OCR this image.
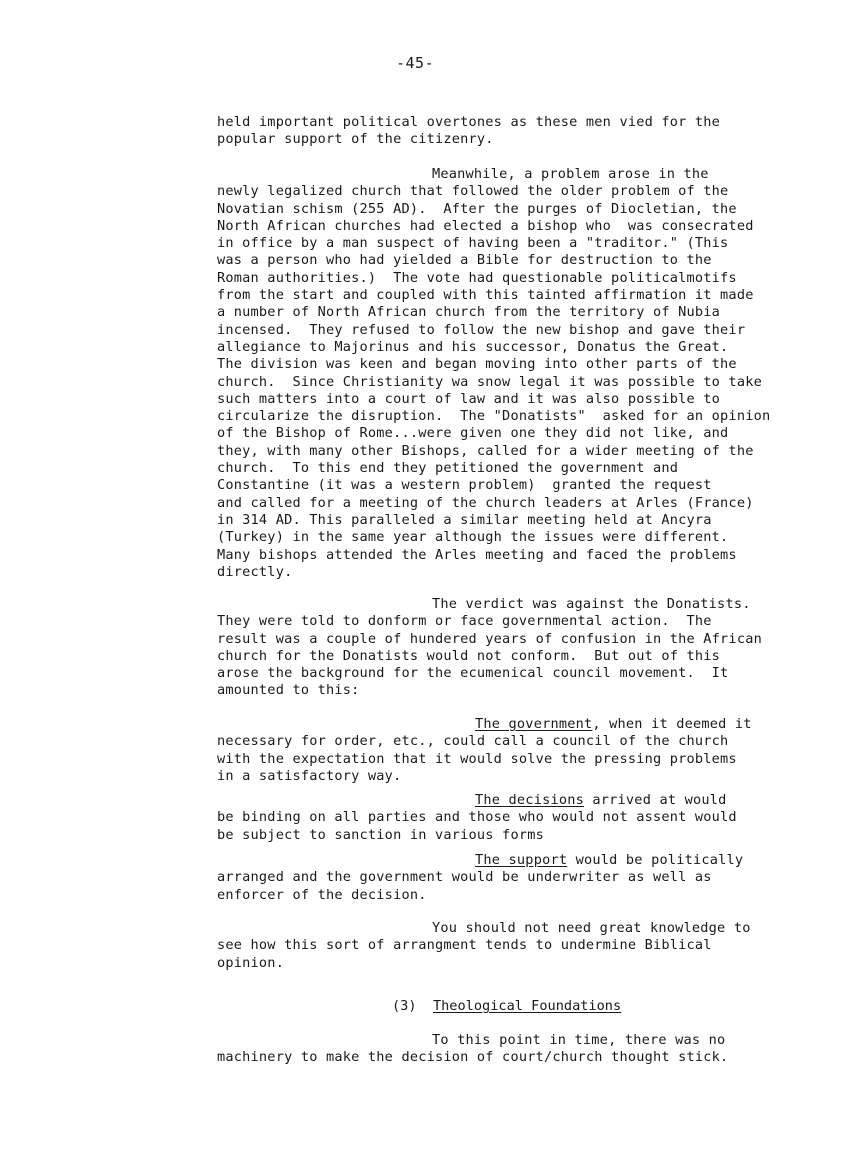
-45-
held important political overtones as these men vied for the
popular support of the citizenry.
Meanwhile, a problem arose in the
newly legalized church that followed the older problem of the
Novatian schism (255 AD).  After the purges of Diocletian, the
North African churches had elected a bishop who  was consecrated
in office by a man suspect of having been a "traditor." (This
was a person who had yielded a Bible for destruction to the
Roman authorities.)  The vote had questionable politicalmotifs
from the start and coupled with this tainted affirmation it made
a number of North African church from the territory of Nubia
incensed.  They refused to follow the new bishop and gave their
allegiance to Majorinus and his successor, Donatus the Great.
The division was keen and began moving into other parts of the
church.  Since Christianity wa snow legal it was possible to take
such matters into a court of law and it was also possible to
circularize the disruption.  The "Donatists"  asked for an opinion
of the Bishop of Rome...were given one they did not like, and
they, with many other Bishops, called for a wider meeting of the
church.  To this end they petitioned the government and
Constantine (it was a western problem)  granted the request
and called for a meeting of the church leaders at Arles (France)
in 314 AD. This paralleled a similar meeting held at Ancyra
(Turkey) in the same year although the issues were different.
Many bishops attended the Arles meeting and faced the problems
directly.
The verdict was against the Donatists.
They were told to donform or face governmental action.  The
result was a couple of hundered years of confusion in the African
church for the Donatists would not conform.  But out of this
arose the background for the ecumenical council movement.  It
amounted to this:
The government, when it deemed it
necessary for order, etc., could call a council of the church
with the expectation that it would solve the pressing problems
in a satisfactory way.
The decisions arrived at would
be binding on all parties and those who would not assent would
be subject to sanction in various forms
The support would be politically
arranged and the government would be underwriter as well as
enforcer of the decision.
You should not need great knowledge to
see how this sort of arrangment tends to undermine Biblical
opinion.
(3) Theological Foundations
To this point in time, there was no
machinery to make the decision of court/church thought stick.
